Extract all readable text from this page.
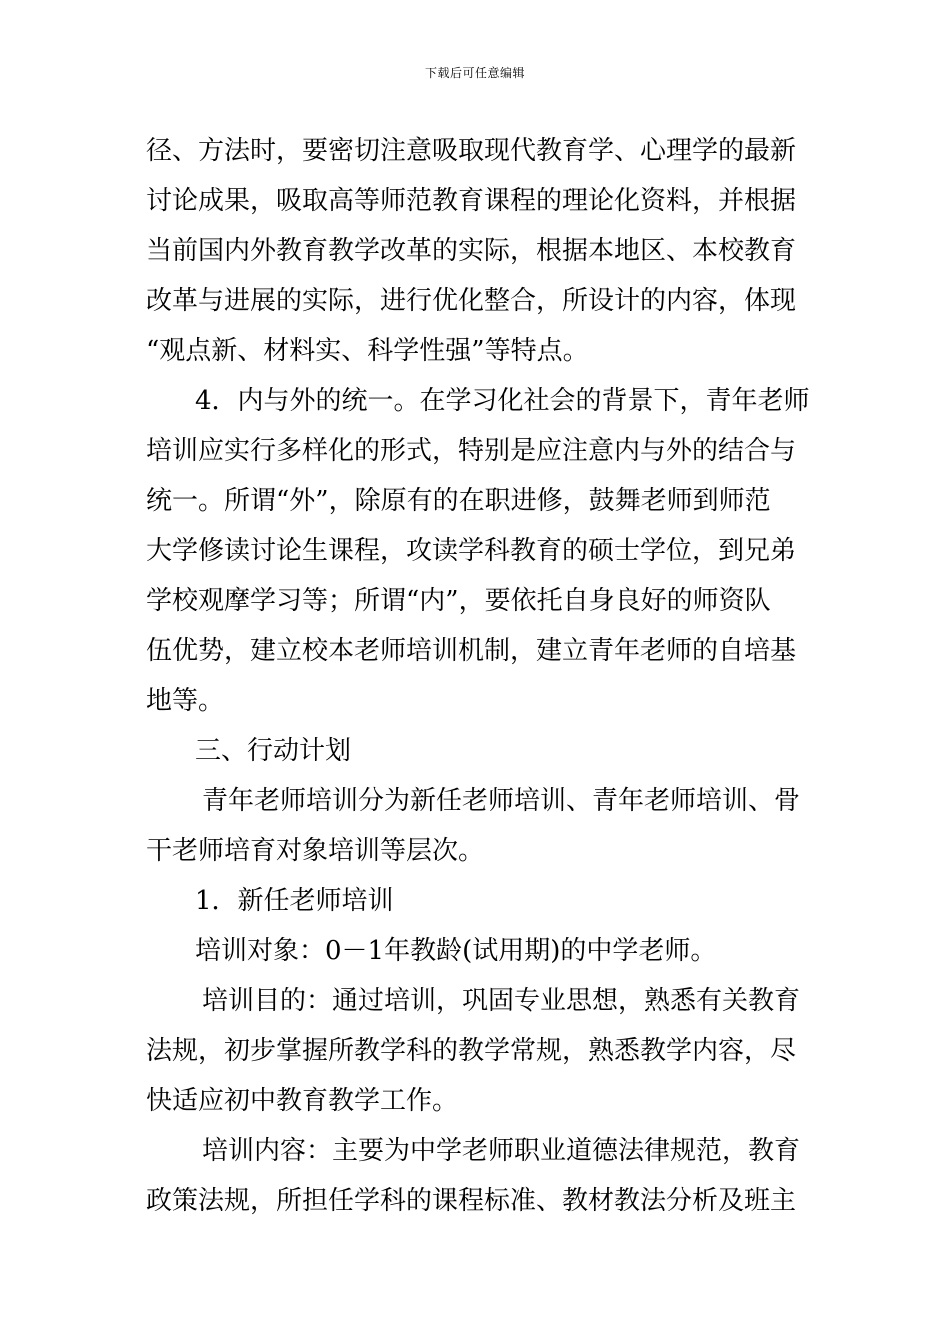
下载后可任意编辑
径、方法时，要密切注意吸取现代教育学、心理学的最新
讨论成果，吸取高等师范教育课程的理论化资料，并根据
当前国内外教育教学改革的实际，根据本地区、本校教育
改革与进展的实际，进行优化整合，所设计的内容，体现
“观点新、材料实、科学性强”等特点。
4．内与外的统一。在学习化社会的背景下，青年老师
培训应实行多样化的形式，特别是应注意内与外的结合与
统一。所谓“外”，除原有的在职进修，鼓舞老师到师范
大学修读讨论生课程，攻读学科教育的硕士学位，到兄弟
学校观摩学习等；所谓“内”，要依托自身良好的师资队
伍优势，建立校本老师培训机制，建立青年老师的自培基
地等。
三、行动计划
青年老师培训分为新任老师培训、青年老师培训、骨
干老师培育对象培训等层次。
1．新任老师培训
培训对象：0－1年教龄(试用期)的中学老师。
培训目的：通过培训，巩固专业思想，熟悉有关教育
法规，初步掌握所教学科的教学常规，熟悉教学内容，尽
快适应初中教育教学工作。
培训内容：主要为中学老师职业道德法律规范，教育
政策法规，所担任学科的课程标准、教材教法分析及班主
